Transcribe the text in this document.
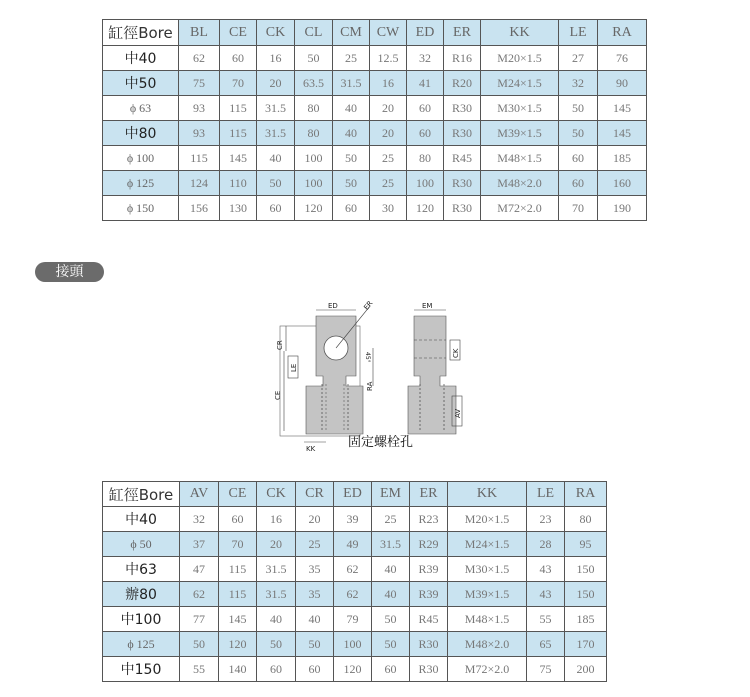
缸徑Bore	BL	CE	CK	CL	CM	CW	ED	ER	KK	LE	RA
中40	62	60	16	50	25	12.5	32	R16	M20×1.5	27	76
中50	75	70	20	63.5	31.5	16	41	R20	M24×1.5	32	90
ϕ 63	93	115	31.5	80	40	20	60	R30	M30×1.5	50	145
中80	93	115	31.5	80	40	20	60	R30	M39×1.5	50	145
ϕ 100	115	145	40	100	50	25	80	R45	M48×1.5	60	185
ϕ 125	124	110	50	100	50	25	100	R30	M48×2.0	60	160
ϕ 150	156	130	60	120	60	30	120	R30	M72×2.0	70	190
接頭
ED	ER
CR
LE
CE
RA
45°
KK	固定螺栓孔
EM
CK
AV
缸徑Bore	AV	CE	CK	CR	ED	EM	ER	KK	LE	RA
中40	32	60	16	20	39	25	R23	M20×1.5	23	80
ϕ 50	37	70	20	25	49	31.5	R29	M24×1.5	28	95
中63	47	115	31.5	35	62	40	R39	M30×1.5	43	150
辦80	62	115	31.5	35	62	40	R39	M39×1.5	43	150
中100	77	145	40	40	79	50	R45	M48×1.5	55	185
ϕ 125	50	120	50	50	100	50	R30	M48×2.0	65	170
中150	55	140	60	60	120	60	R30	M72×2.0	75	200
